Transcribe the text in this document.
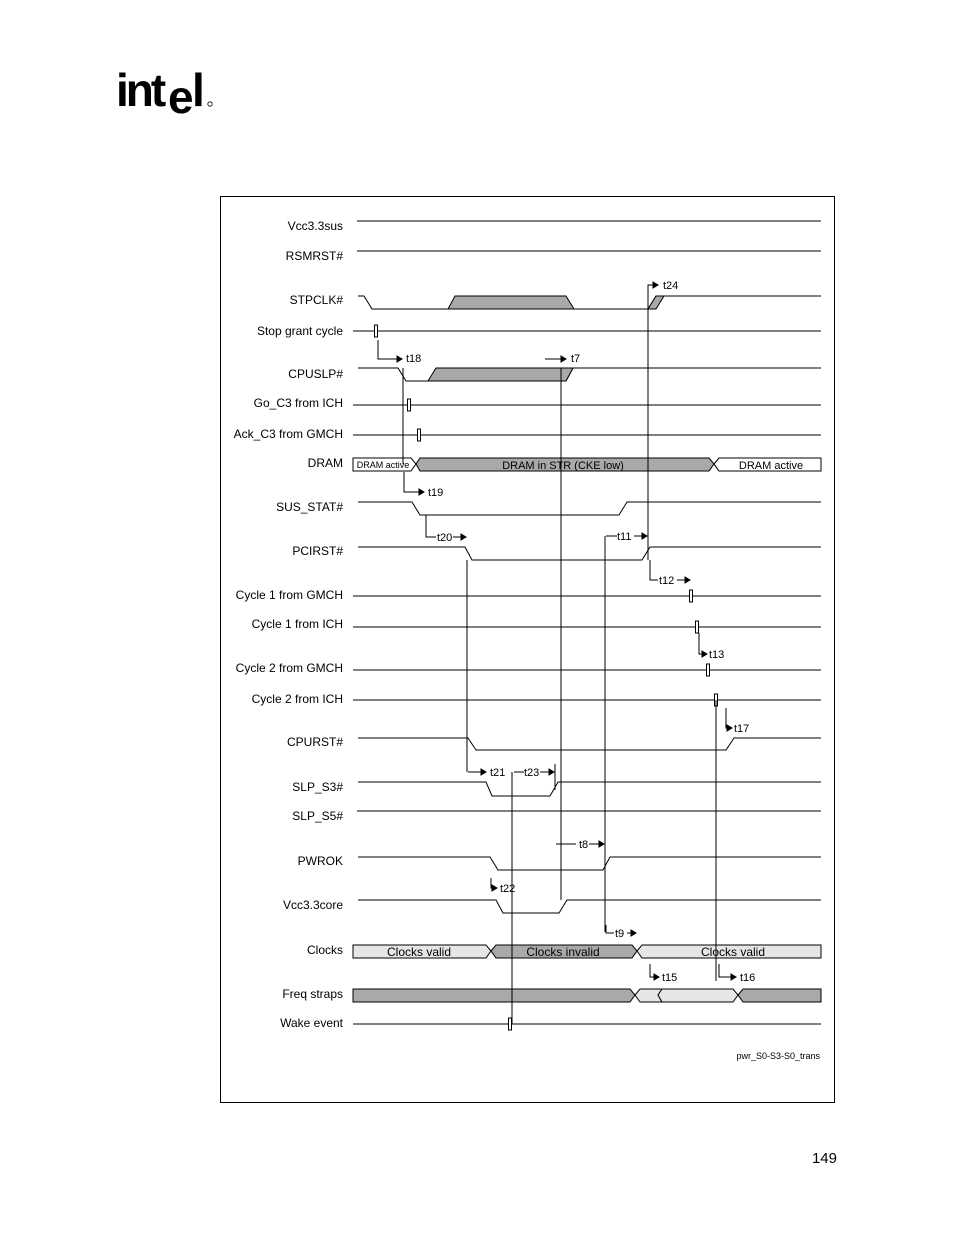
int e l
Vcc3.3sus
RSMRST#
STPCLK#
Stop grant cycle
CPUSLP#
Go_C3 from ICH
Ack_C3 from GMCH
DRAM
SUS_STAT#
PCIRST#
Cycle 1 from GMCH
Cycle 1 from ICH
Cycle 2 from GMCH
Cycle 2 from ICH
CPURST#
SLP_S3#
SLP_S5#
PWROK
Vcc3.3core
Clocks
Freq straps
Wake event
DRAM active	DRAM in STR (CKE low)	DRAM active
Clocks valid	Clocks invalid	Clocks valid
t18	t7
t19
t20	t11
t12
t13
t17
t21 t23
t8
t22
t9
t15	t16
t24
pwr_S0-S3-S0_trans
149
